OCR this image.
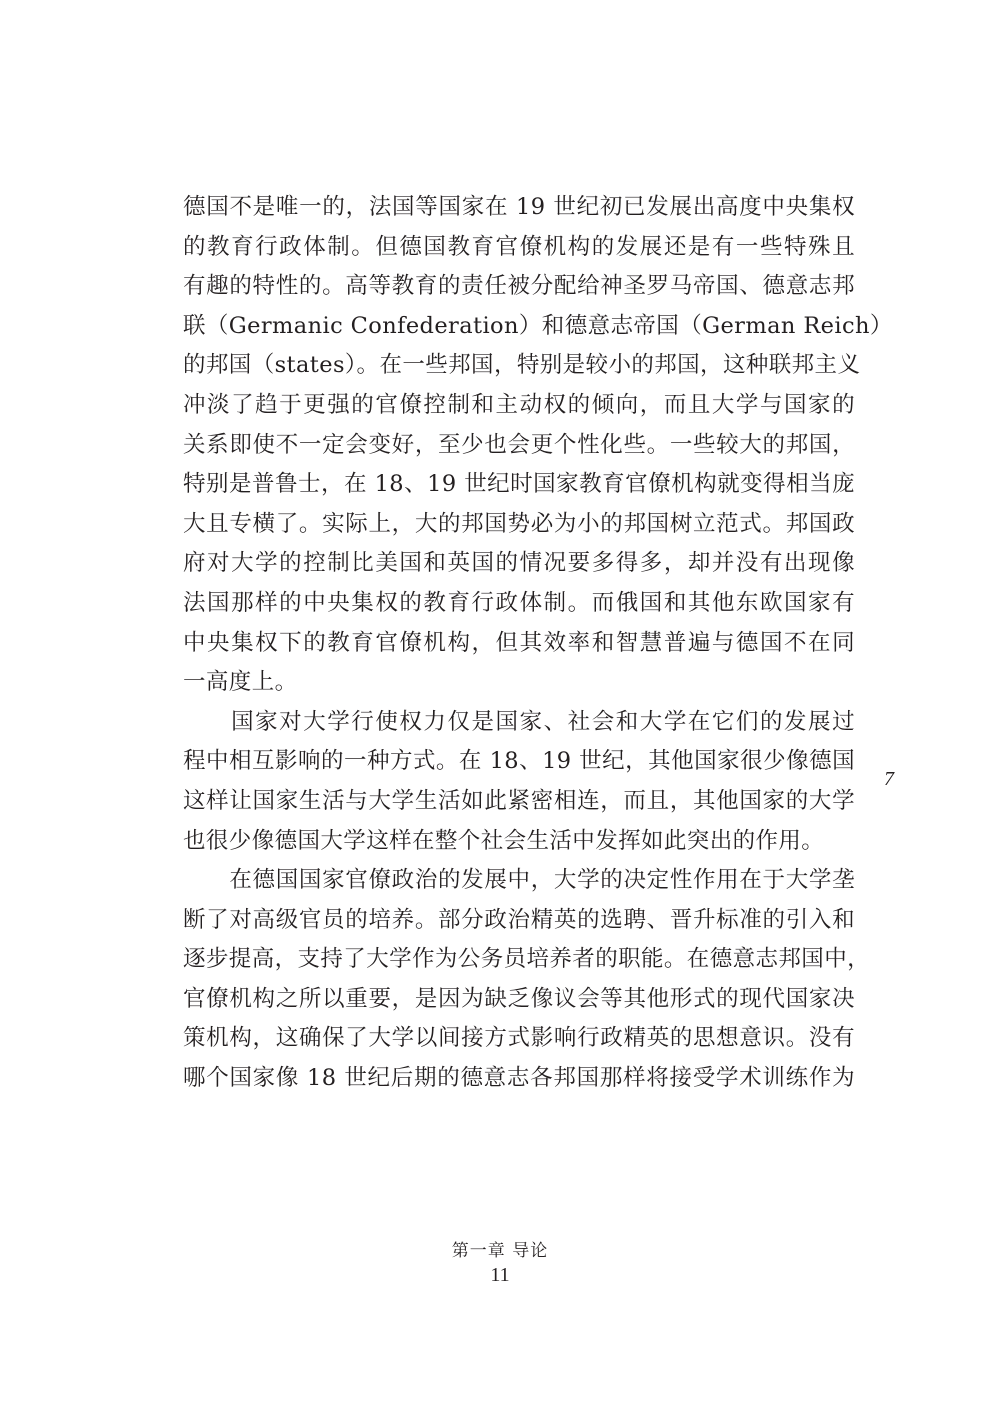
德国不是唯一的，法国等国家在 19 世纪初已发展出高度中央集权
的教育行政体制。但德国教育官僚机构的发展还是有一些特殊且
有趣的特性的。高等教育的责任被分配给神圣罗马帝国、德意志邦
联（Germanic Confederation）和德意志帝国（German Reich）
的邦国（states）。在一些邦国，特别是较小的邦国，这种联邦主义
冲淡了趋于更强的官僚控制和主动权的倾向，而且大学与国家的
关系即使不一定会变好，至少也会更个性化些。一些较大的邦国，
特别是普鲁士，在 18、19 世纪时国家教育官僚机构就变得相当庞
大且专横了。实际上，大的邦国势必为小的邦国树立范式。邦国政
府对大学的控制比美国和英国的情况要多得多，却并没有出现像
法国那样的中央集权的教育行政体制。而俄国和其他东欧国家有
中央集权下的教育官僚机构，但其效率和智慧普遍与德国不在同
一高度上。
　　国家对大学行使权力仅是国家、社会和大学在它们的发展过
程中相互影响的一种方式。在 18、19 世纪，其他国家很少像德国
这样让国家生活与大学生活如此紧密相连，而且，其他国家的大学
也很少像德国大学这样在整个社会生活中发挥如此突出的作用。
　　在德国国家官僚政治的发展中，大学的决定性作用在于大学垄
断了对高级官员的培养。部分政治精英的选聘、晋升标准的引入和
逐步提高，支持了大学作为公务员培养者的职能。在德意志邦国中，
官僚机构之所以重要，是因为缺乏像议会等其他形式的现代国家决
策机构，这确保了大学以间接方式影响行政精英的思想意识。没有
哪个国家像 18 世纪后期的德意志各邦国那样将接受学术训练作为
7
第一章 导论
11
